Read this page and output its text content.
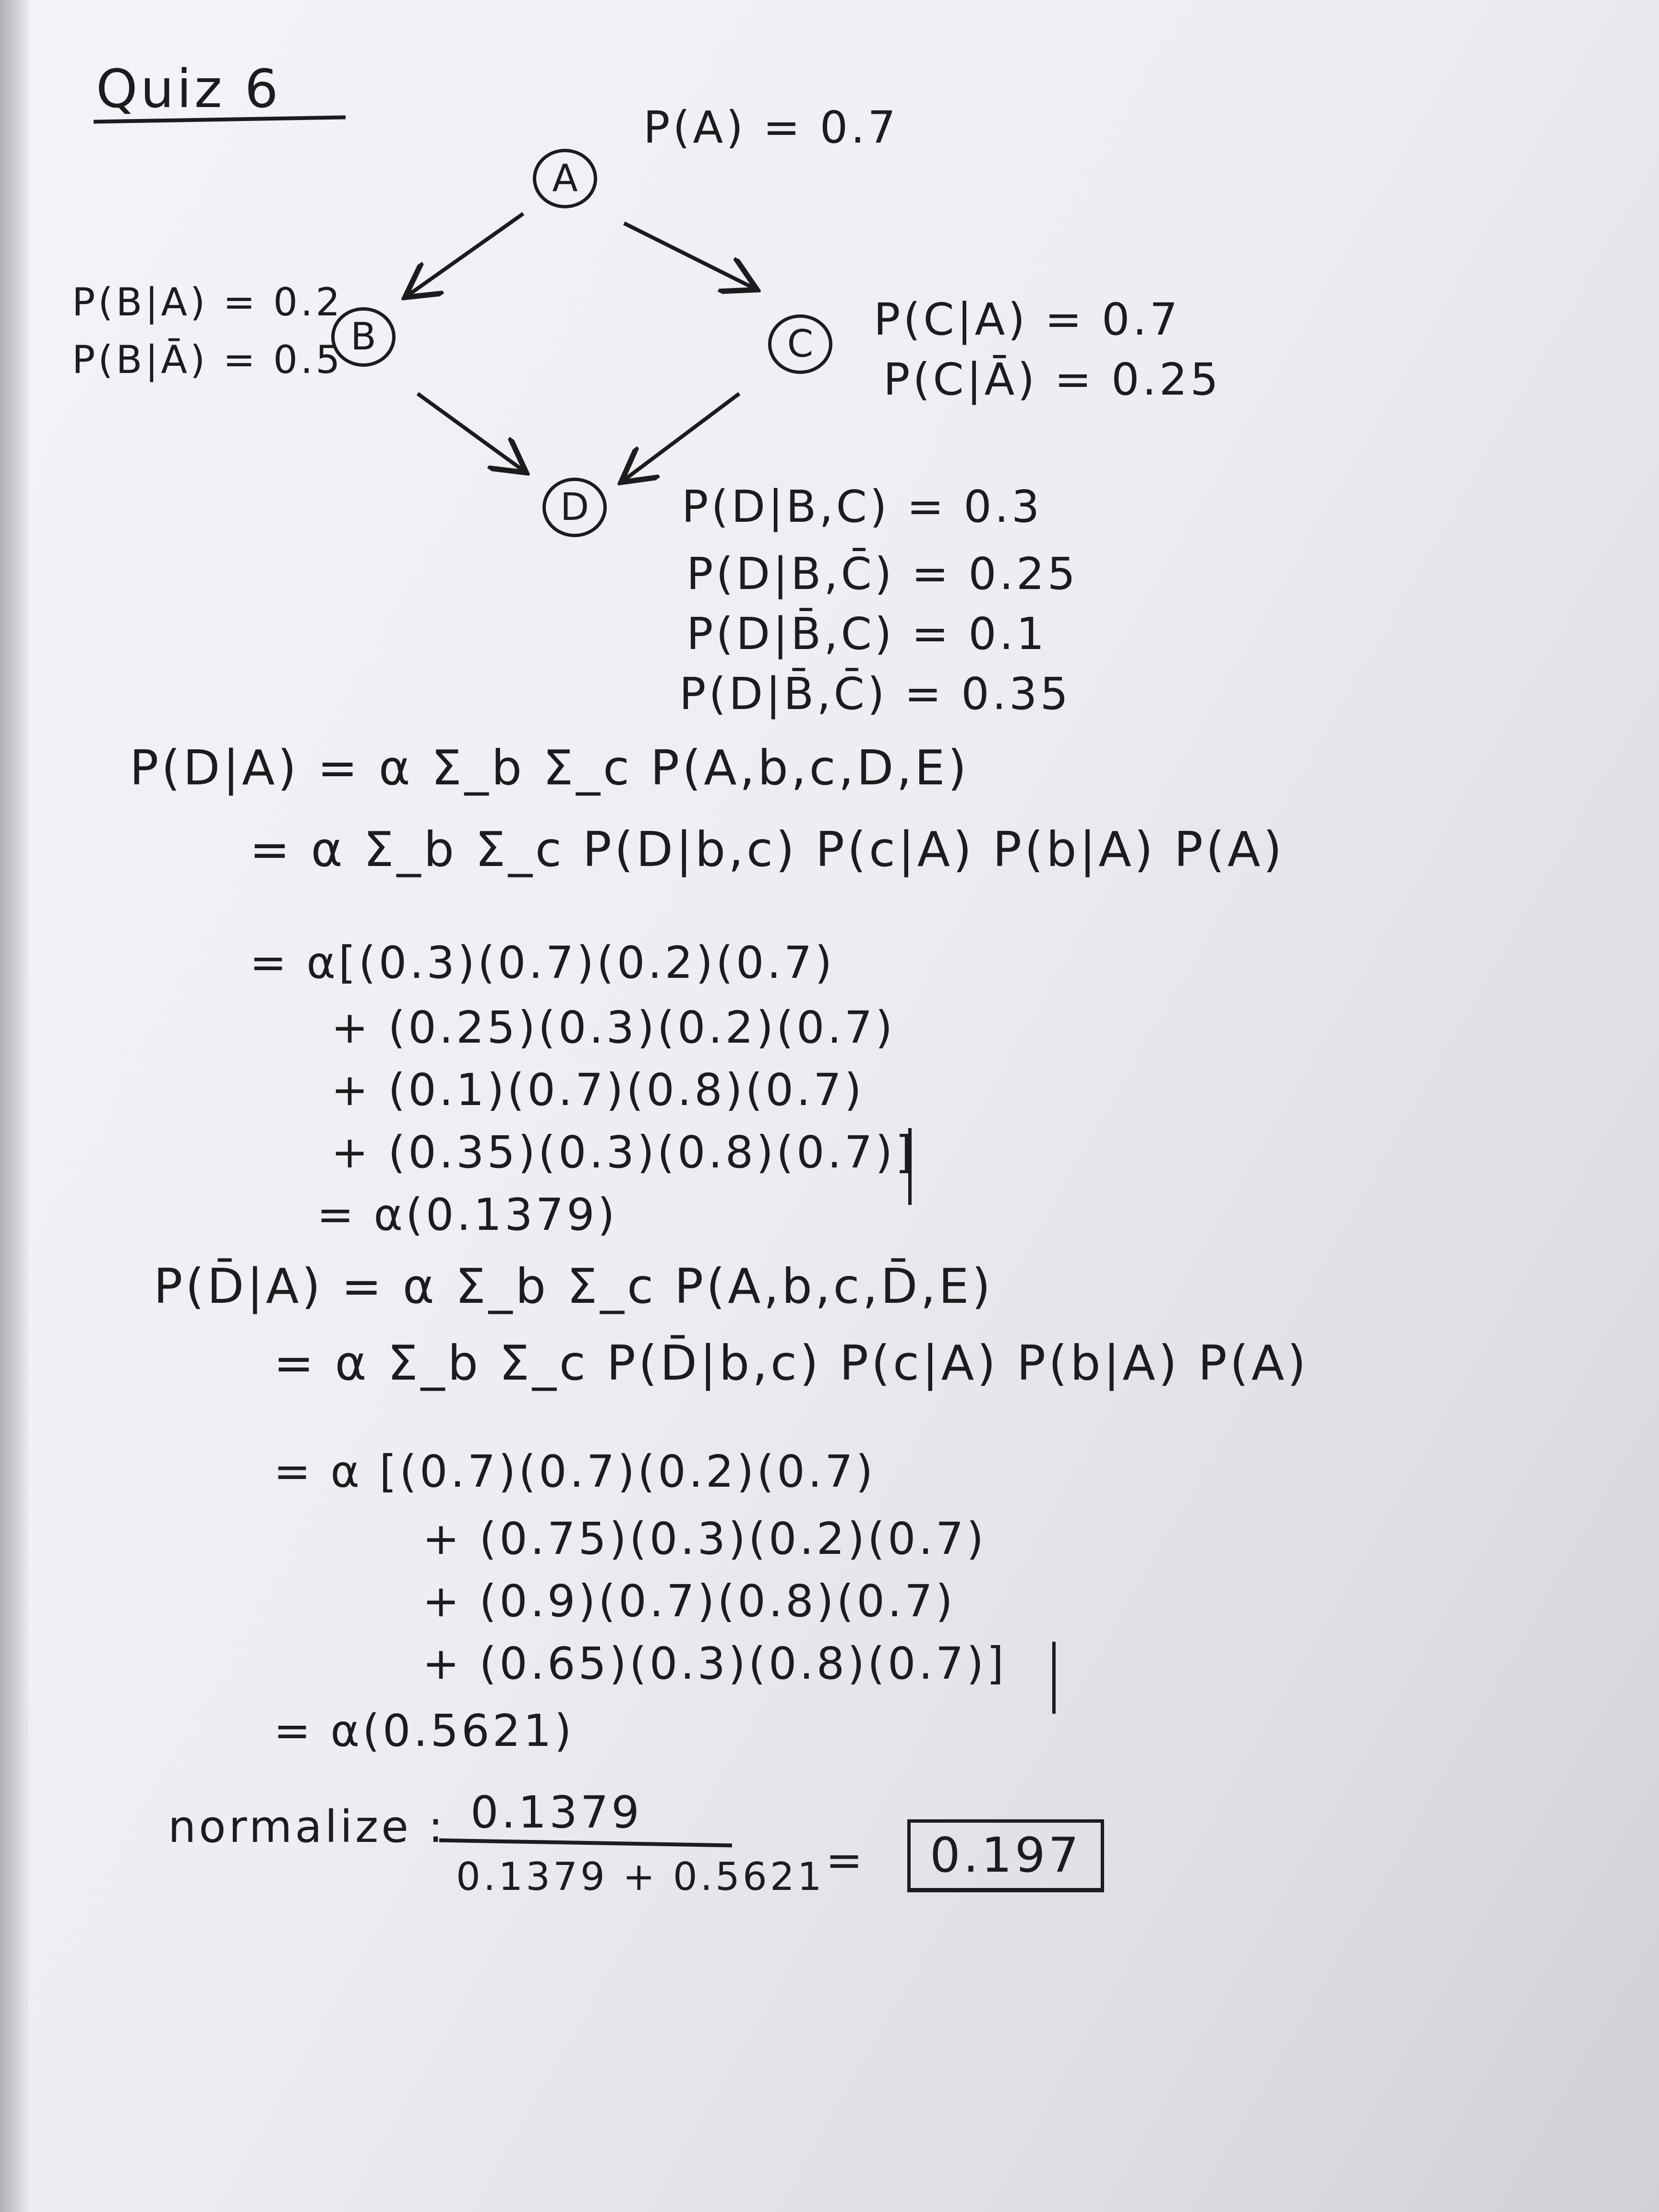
Quiz 6
A
B	C
D
P(A) = 0.7
P(B|A) = 0.2
P(B|Ā) = 0.5
P(C|A) = 0.7
P(C|Ā) = 0.25
P(D|B,C) = 0.3
P(D|B,C̄) = 0.25
P(D|B̄,C) = 0.1
P(D|B̄,C̄) = 0.35
P(D|A) = α Σ_b Σ_c P(A,b,c,D,E)
= α Σ_b Σ_c P(D|b,c) P(c|A) P(b|A) P(A)
= α[(0.3)(0.7)(0.2)(0.7)
+ (0.25)(0.3)(0.2)(0.7)
+ (0.1)(0.7)(0.8)(0.7)
+ (0.35)(0.3)(0.8)(0.7)]
= α(0.1379)
P(D̄|A) = α Σ_b Σ_c P(A,b,c,D̄,E)
= α Σ_b Σ_c P(D̄|b,c) P(c|A) P(b|A) P(A)
= α [(0.7)(0.7)(0.2)(0.7)
+ (0.75)(0.3)(0.2)(0.7)
+ (0.9)(0.7)(0.8)(0.7)
+ (0.65)(0.3)(0.8)(0.7)]
= α(0.5621)
normalize : 0.1379
0.1379 + 0.5621 =	0.197
